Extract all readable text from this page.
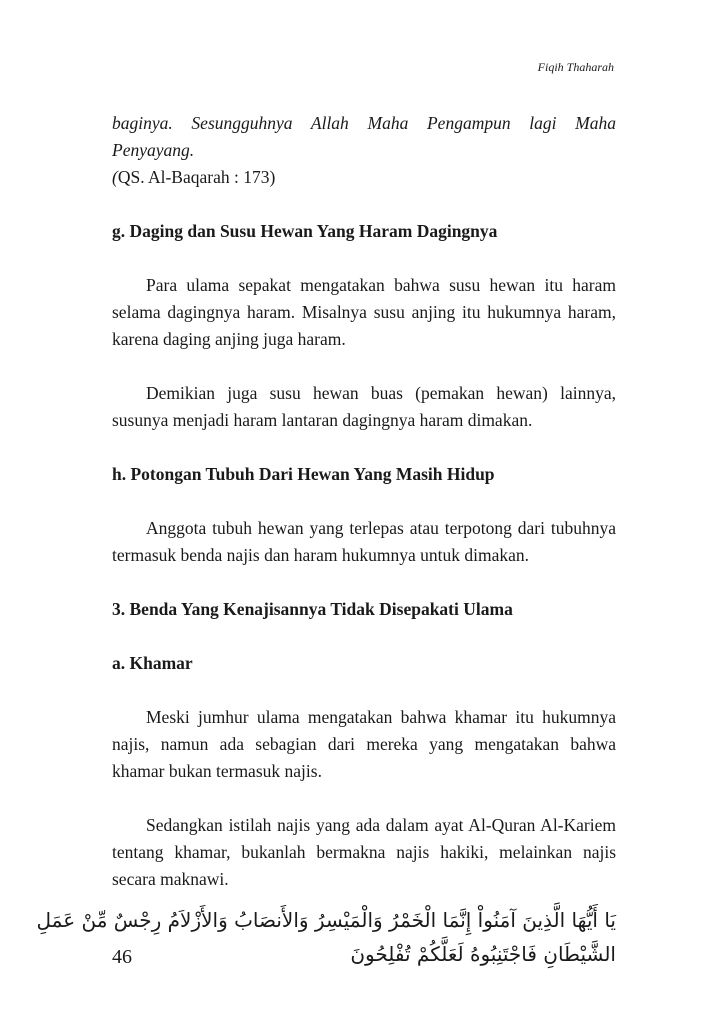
Fiqih Thaharah

baginya. Sesungguhnya Allah Maha Pengampun lagi Maha Penyayang.
(QS. Al-Baqarah : 173)

g. Daging dan Susu Hewan Yang Haram Dagingnya

Para ulama sepakat mengatakan bahwa susu hewan itu haram selama dagingnya haram. Misalnya susu anjing itu hukumnya haram, karena daging anjing juga haram.

Demikian juga susu hewan buas (pemakan hewan) lainnya, susunya menjadi haram lantaran dagingnya haram dimakan.

h. Potongan Tubuh Dari Hewan Yang Masih Hidup

Anggota tubuh hewan yang terlepas atau terpotong dari tubuhnya termasuk benda najis dan haram hukumnya untuk dimakan.

3. Benda Yang Kenajisannya Tidak Disepakati Ulama
a. Khamar

Meski jumhur ulama mengatakan bahwa khamar itu hukumnya najis, namun ada sebagian dari mereka yang mengatakan bahwa khamar bukan termasuk najis.

Sedangkan istilah najis yang ada dalam ayat Al-Quran Al-Kariem tentang khamar, bukanlah bermakna najis hakiki, melainkan najis secara maknawi.

يَا أَيُّهَا الَّذِينَ آمَنُواْ إِنَّمَا الْخَمْرُ وَالْمَيْسِرُ وَالأَنصَابُ وَالأَزْلاَمُ رِجْسٌ مِّنْ عَمَلِ

الشَّيْطَانِ فَاجْتَنِبُوهُ لَعَلَّكُمْ تُفْلِحُونَ

46
